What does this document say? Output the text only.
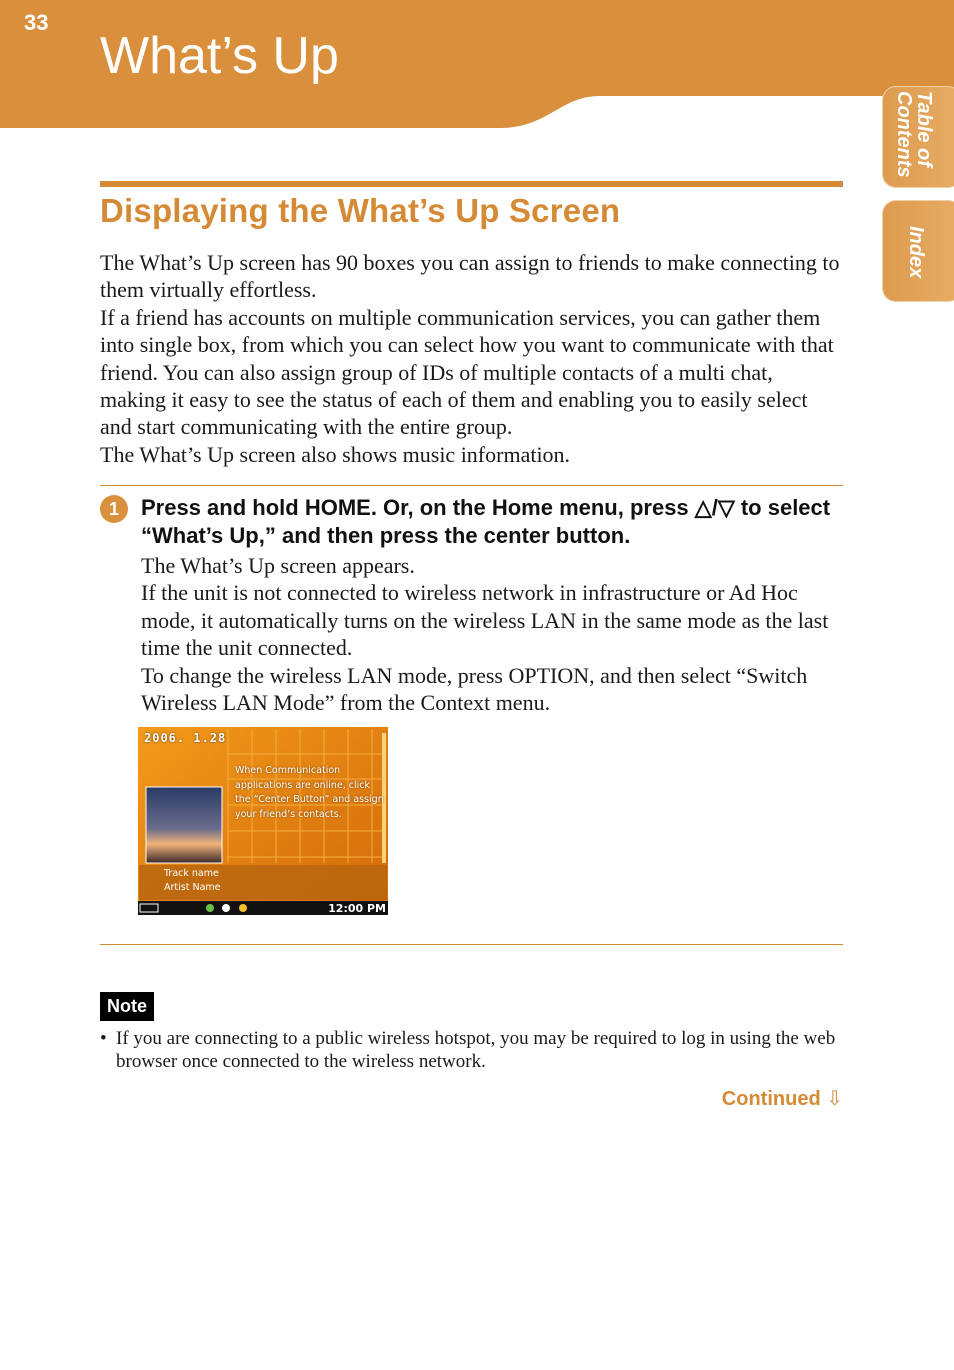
33
What’s Up
Table of
Contents
Index
Displaying the What’s Up Screen

The What’s Up screen has 90 boxes you can assign to friends to make connecting to them virtually effortless.

If a friend has accounts on multiple communication services, you can gather them into single box, from which you can select how you want to communicate with that friend. You can also assign group of IDs of multiple contacts of a multi chat, making it easy to see the status of each of them and enabling you to easily select and start communicating with the entire group.

The What’s Up screen also shows music information.

1	Press and hold HOME. Or, on the Home menu, press △/▽ to select “What’s Up,” and then press the center button.

The What’s Up screen appears.

If the unit is not connected to wireless network in infrastructure or Ad Hoc mode, it automatically turns on the wireless LAN in the same mode as the last time the unit connected.

To change the wireless LAN mode, press OPTION, and then select “Switch Wireless LAN Mode” from the Context menu.

2006. 1.28
When Communication applications are online, click the “Center Button” and assign your friend’s contacts.
Track name
Artist Name
12:00 PM
Note
• If you are connecting to a public wireless hotspot, you may be required to log in using the web browser once connected to the wireless network.
Continued ⇩
